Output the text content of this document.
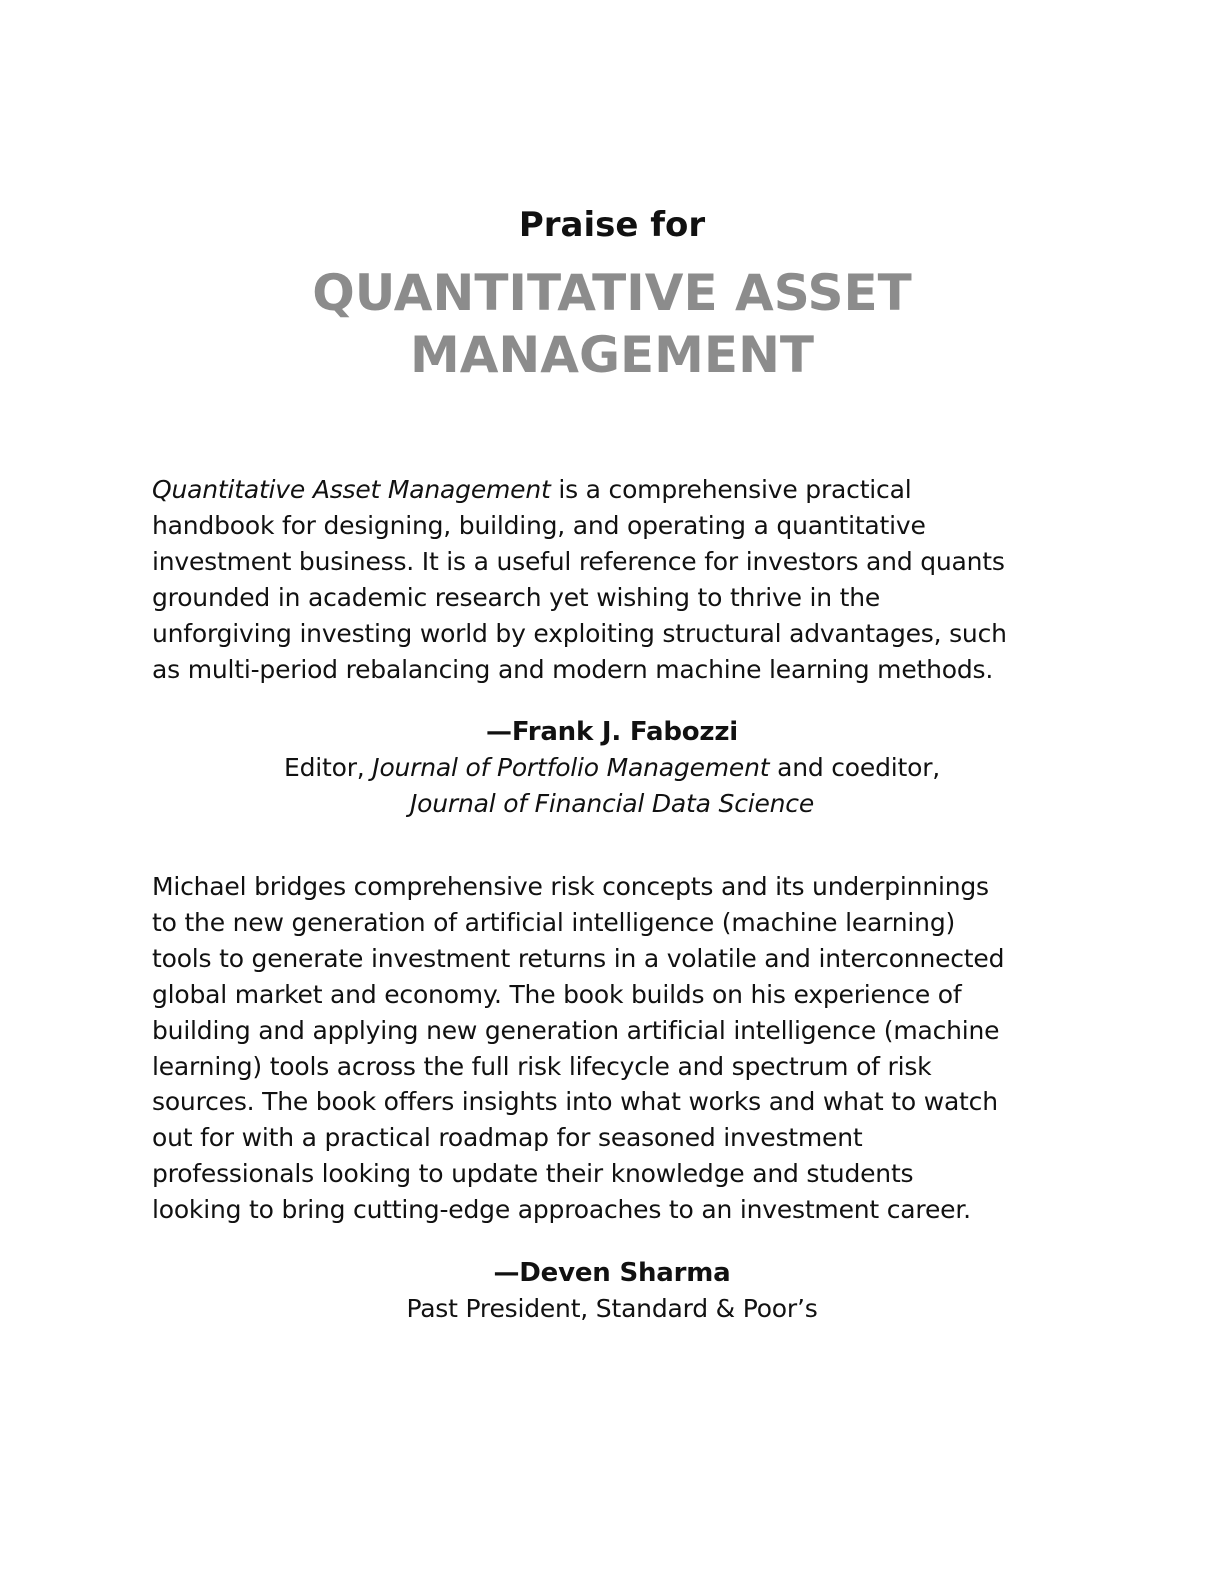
Praise for
QUANTITATIVE ASSET
MANAGEMENT
Quantitative Asset Management is a comprehensive practical
handbook for designing, building, and operating a quantitative
investment business. It is a useful reference for investors and quants
grounded in academic research yet wishing to thrive in the
unforgiving investing world by exploiting structural advantages, such
as multi-period rebalancing and modern machine learning methods.
—Frank J. Fabozzi
Editor, Journal of Portfolio Management and coeditor,
Journal of Financial Data Science
Michael bridges comprehensive risk concepts and its underpinnings
to the new generation of artificial intelligence (machine learning)
tools to generate investment returns in a volatile and interconnected
global market and economy. The book builds on his experience of
building and applying new generation artificial intelligence (machine
learning) tools across the full risk lifecycle and spectrum of risk
sources. The book offers insights into what works and what to watch
out for with a practical roadmap for seasoned investment
professionals looking to update their knowledge and students
looking to bring cutting-edge approaches to an investment career.
—Deven Sharma
Past President, Standard & Poor’s
